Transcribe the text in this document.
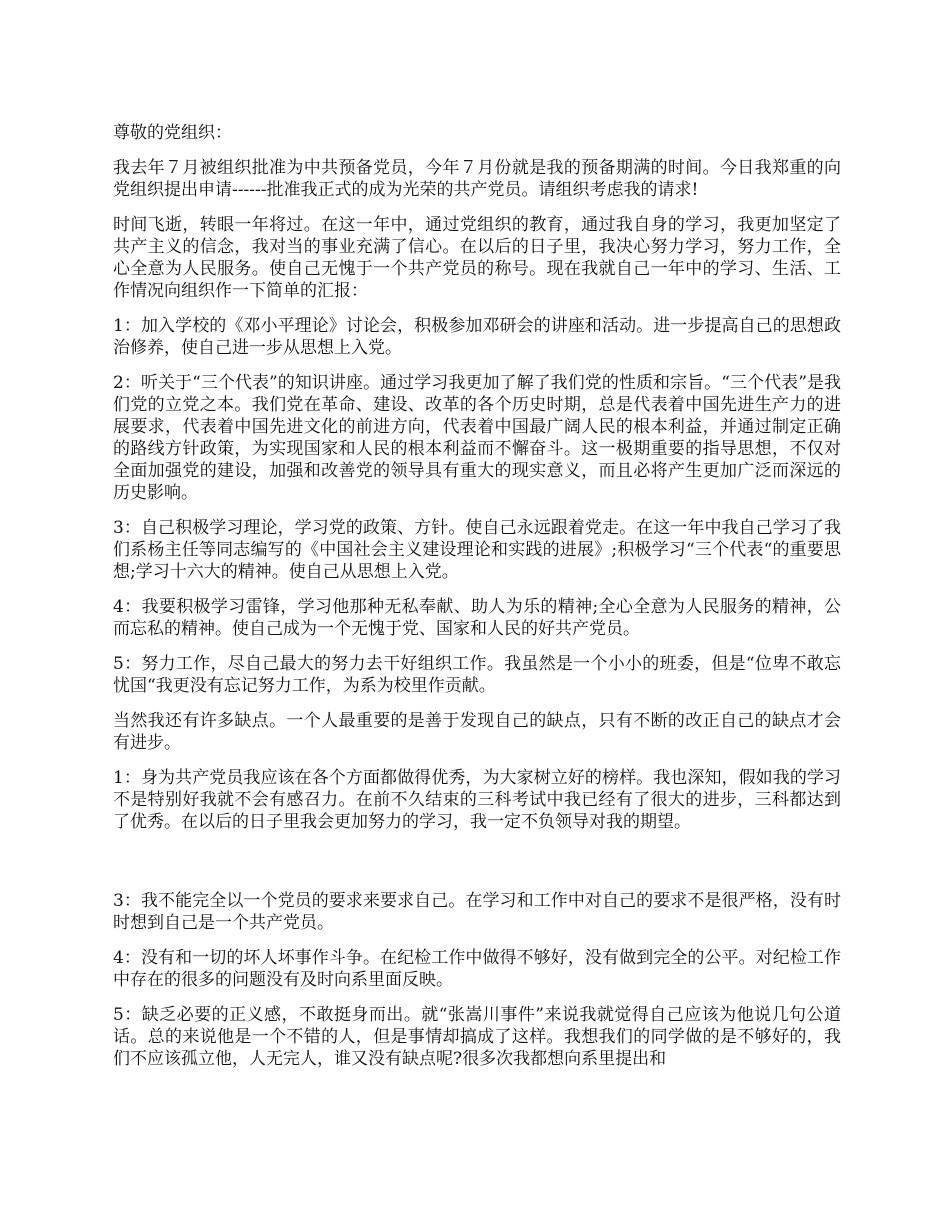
尊敬的党组织：

我去年７月被组织批准为中共预备党员，今年７月份就是我的预备期满的时间。今日我郑重的向党组织提出申请------批准我正式的成为光荣的共产党员。请组织考虑我的请求!

时间飞逝，转眼一年将过。在这一年中，通过党组织的教育，通过我自身的学习，我更加坚定了共产主义的信念，我对当的事业充满了信心。在以后的日子里，我决心努力学习，努力工作，全心全意为人民服务。使自己无愧于一个共产党员的称号。现在我就自己一年中的学习、生活、工作情况向组织作一下简单的汇报：

1：加入学校的《邓小平理论》讨论会，积极参加邓研会的讲座和活动。进一步提高自己的思想政治修养，使自己进一步从思想上入党。

2：听关于“三个代表”的知识讲座。通过学习我更加了解了我们党的性质和宗旨。“三个代表”是我们党的立党之本。我们党在革命、建设、改革的各个历史时期，总是代表着中国先进生产力的进展要求，代表着中国先进文化的前进方向，代表着中国最广阔人民的根本利益，并通过制定正确的路线方针政策，为实现国家和人民的根本利益而不懈奋斗。这一极期重要的指导思想，不仅对全面加强党的建设，加强和改善党的领导具有重大的现实意义，而且必将产生更加广泛而深远的历史影响。

3：自己积极学习理论，学习党的政策、方针。使自己永远跟着党走。在这一年中我自己学习了我们系杨主任等同志编写的《中国社会主义建设理论和实践的进展》;积极学习“三个代表“的重要思想;学习十六大的精神。使自己从思想上入党。

4：我要积极学习雷锋，学习他那种无私奉献、助人为乐的精神;全心全意为人民服务的精神，公而忘私的精神。使自己成为一个无愧于党、国家和人民的好共产党员。

5：努力工作，尽自己最大的努力去干好组织工作。我虽然是一个小小的班委，但是“位卑不敢忘忧国“我更没有忘记努力工作，为系为校里作贡献。

当然我还有许多缺点。一个人最重要的是善于发现自己的缺点，只有不断的改正自己的缺点才会有进步。

1：身为共产党员我应该在各个方面都做得优秀，为大家树立好的榜样。我也深知，假如我的学习不是特别好我就不会有感召力。在前不久结束的三科考试中我已经有了很大的进步，三科都达到了优秀。在以后的日子里我会更加努力的学习，我一定不负领导对我的期望。

3：我不能完全以一个党员的要求来要求自己。在学习和工作中对自己的要求不是很严格，没有时时想到自己是一个共产党员。

4：没有和一切的坏人坏事作斗争。在纪检工作中做得不够好，没有做到完全的公平。对纪检工作中存在的很多的问题没有及时向系里面反映。

5：缺乏必要的正义感，不敢挺身而出。就“张嵩川事件”来说我就觉得自己应该为他说几句公道话。总的来说他是一个不错的人，但是事情却搞成了这样。我想我们的同学做的是不够好的，我们不应该孤立他，人无完人，谁又没有缺点呢?很多次我都想向系里提出和
